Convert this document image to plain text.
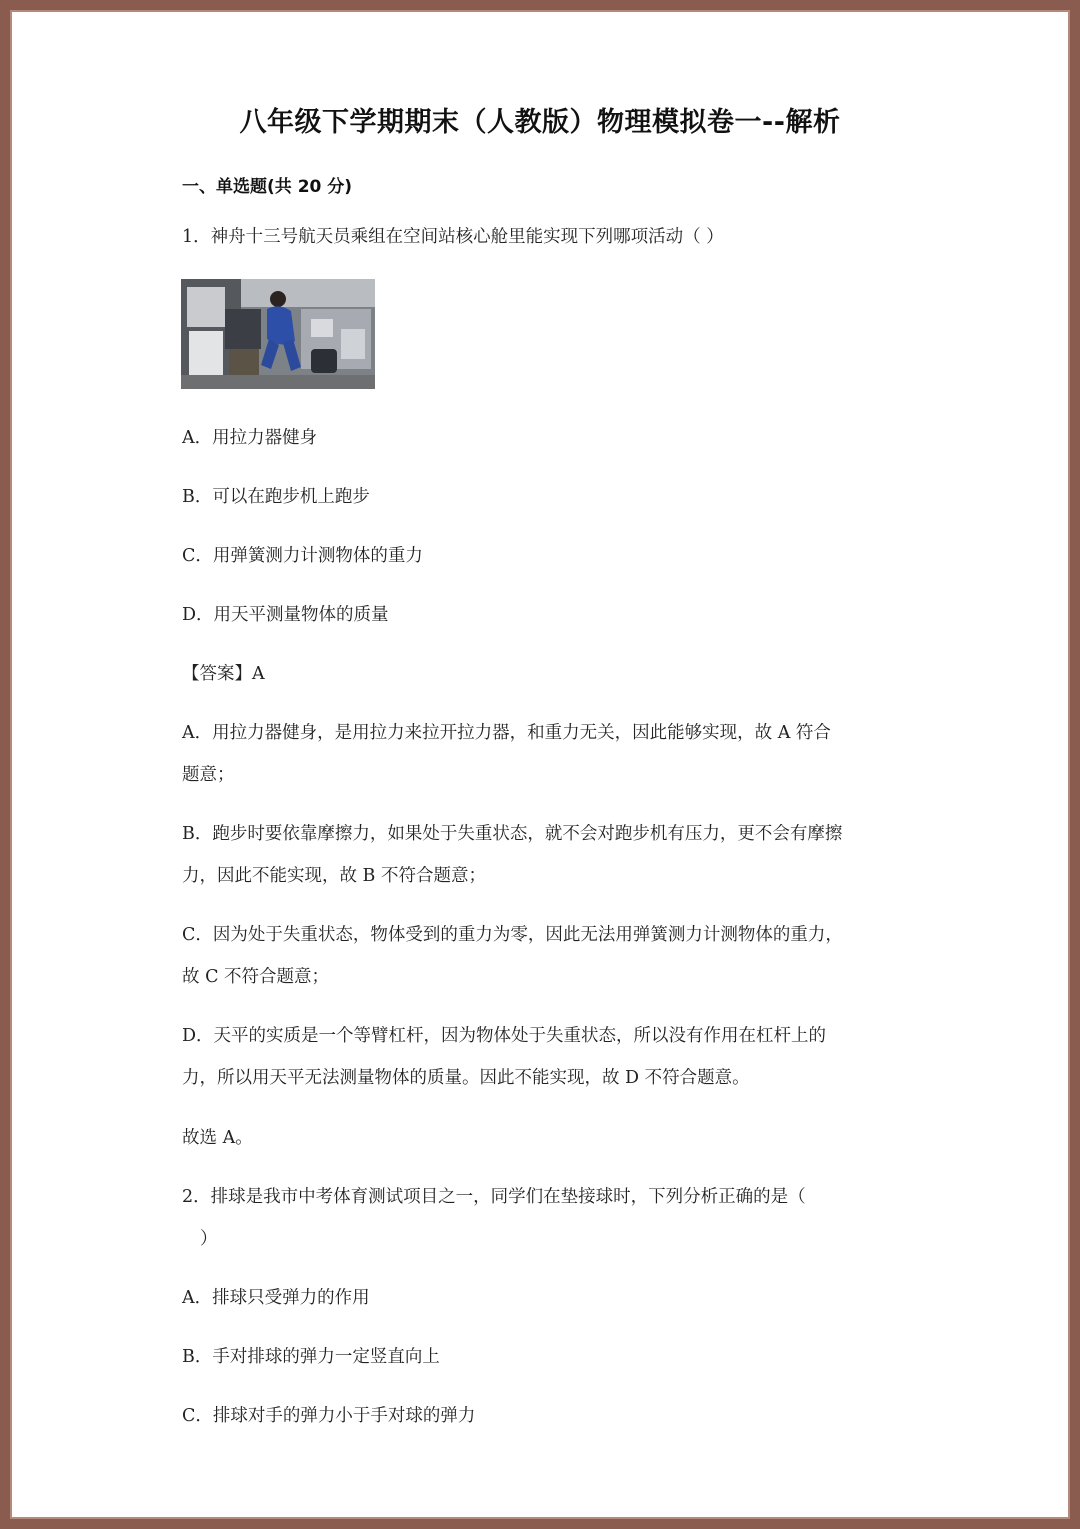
八年级下学期期末（人教版）物理模拟卷一--解析
一、单选题(共 20 分)
1．神舟十三号航天员乘组在空间站核心舱里能实现下列哪项活动（ ）
A．用拉力器健身
B．可以在跑步机上跑步
C．用弹簧测力计测物体的重力
D．用天平测量物体的质量
【答案】A
A．用拉力器健身，是用拉力来拉开拉力器，和重力无关，因此能够实现，故 A 符合
题意；
B．跑步时要依靠摩擦力，如果处于失重状态，就不会对跑步机有压力，更不会有摩擦
力，因此不能实现，故 B 不符合题意；
C．因为处于失重状态，物体受到的重力为零，因此无法用弹簧测力计测物体的重力，
故 C 不符合题意；
D．天平的实质是一个等臂杠杆，因为物体处于失重状态，所以没有作用在杠杆上的
力，所以用天平无法测量物体的质量。因此不能实现，故 D 不符合题意。
故选 A。
2．排球是我市中考体育测试项目之一，同学们在垫接球时，下列分析正确的是（
）
A．排球只受弹力的作用
B．手对排球的弹力一定竖直向上
C．排球对手的弹力小于手对球的弹力
